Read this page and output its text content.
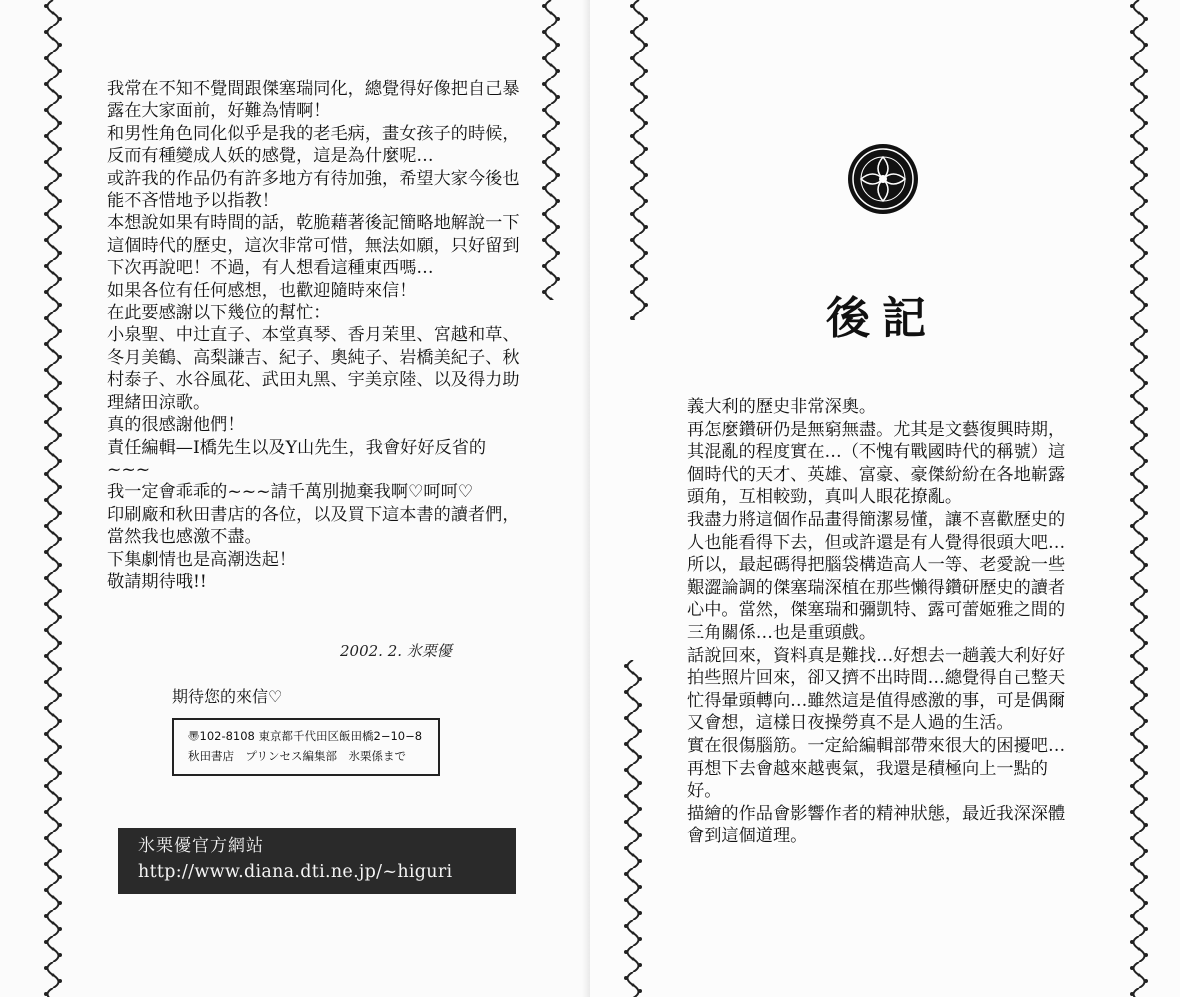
我常在不知不覺間跟傑塞瑞同化，總覺得好像把自己暴露在大家面前，好難為情啊！

和男性角色同化似乎是我的老毛病，畫女孩子的時候，反而有種變成人妖的感覺，這是為什麼呢…

或許我的作品仍有許多地方有待加強，希望大家今後也能不吝惜地予以指教！

本想說如果有時間的話，乾脆藉著後記簡略地解說一下這個時代的歷史，這次非常可惜，無法如願，只好留到下次再說吧！不過，有人想看這種東西嗎…

如果各位有任何感想，也歡迎隨時來信！

在此要感謝以下幾位的幫忙：

小泉聖、中辻直子、本堂真琴、香月茉里、宮越和草、冬月美鶴、高梨謙吉、紀子、奧純子、岩橋美紀子、秋村泰子、水谷風花、武田丸黑、宇美京陸、以及得力助理緒田涼歌。

真的很感謝他們！

責任編輯—I橋先生以及Y山先生，我會好好反省的~~~

我一定會乖乖的~~~請千萬別拋棄我啊♡呵呵♡

印刷廠和秋田書店的各位，以及買下這本書的讀者們，當然我也感激不盡。

下集劇情也是高潮迭起！

敬請期待哦!!

2002. 2. 氷栗優
期待您的來信♡
〠102-8108 東京都千代田区飯田橋2−10−8
秋田書店　プリンセス編集部　氷栗係まで
氷栗優官方網站
http://www.diana.dti.ne.jp/~higuri
後記

義大利的歷史非常深奧。

再怎麼鑽研仍是無窮無盡。尤其是文藝復興時期，其混亂的程度實在…（不愧有戰國時代的稱號）這個時代的天才、英雄、富豪、豪傑紛紛在各地嶄露頭角，互相較勁，真叫人眼花撩亂。

我盡力將這個作品畫得簡潔易懂，讓不喜歡歷史的人也能看得下去，但或許還是有人覺得很頭大吧…

所以，最起碼得把腦袋構造高人一等、老愛說一些艱澀論調的傑塞瑞深植在那些懶得鑽研歷史的讀者心中。當然，傑塞瑞和彌凱特、露可蕾姬雅之間的三角關係…也是重頭戲。

話說回來，資料真是難找…好想去一趟義大利好好拍些照片回來，卻又擠不出時間…總覺得自己整天忙得暈頭轉向…雖然這是值得感激的事，可是偶爾又會想，這樣日夜操勞真不是人過的生活。

實在很傷腦筋。一定給編輯部帶來很大的困擾吧…再想下去會越來越喪氣，我還是積極向上一點的好。

描繪的作品會影響作者的精神狀態，最近我深深體會到這個道理。
